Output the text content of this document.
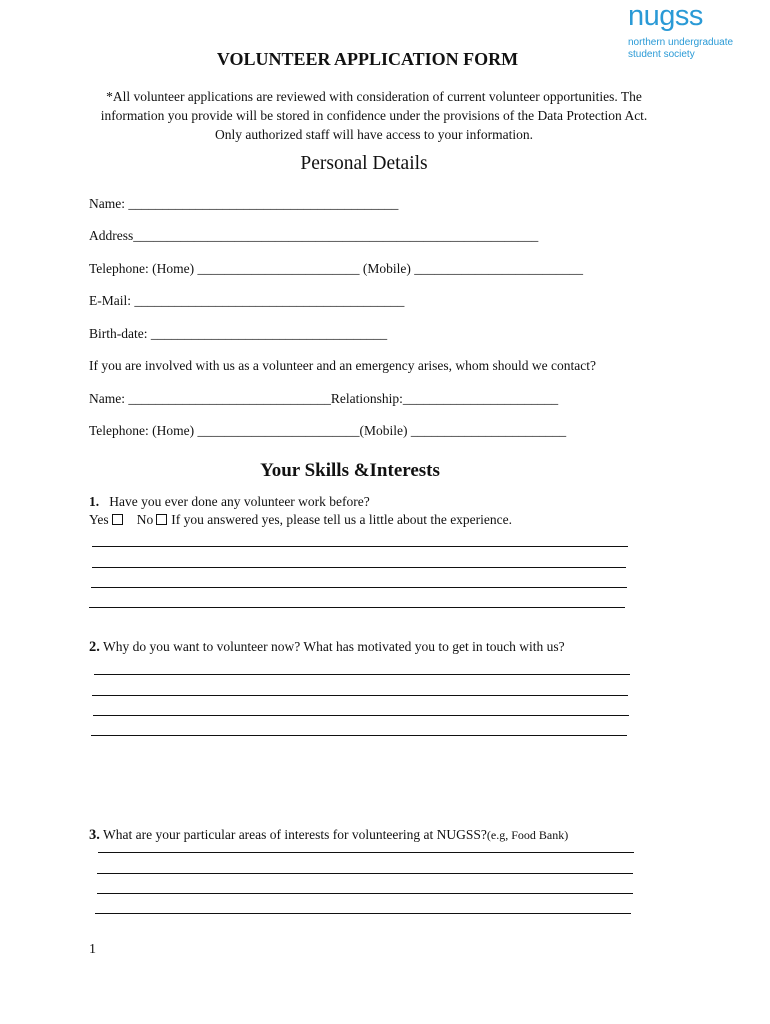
nugss
northern undergraduate
student society
VOLUNTEER APPLICATION FORM
*All volunteer applications are reviewed with consideration of current volunteer opportunities. The
information you provide will be stored in confidence under the provisions of the Data Protection Act.
Only authorized staff will have access to your information.
Personal Details
Name: ________________________________________
Address____________________________________________________________
Telephone: (Home) ________________________ (Mobile) _________________________
E-Mail: ________________________________________
Birth-date: ___________________________________
If you are involved with us as a volunteer and an emergency arises, whom should we contact?
Name: ______________________________Relationship:_______________________
Telephone: (Home) ________________________(Mobile) _______________________
Your Skills &Interests
1. Have you ever done any volunteer work before?
Yes No If you answered yes, please tell us a little about the experience.
2. Why do you want to volunteer now? What has motivated you to get in touch with us?
3. What are your particular areas of interests for volunteering at NUGSS?(e.g, Food Bank)
1
